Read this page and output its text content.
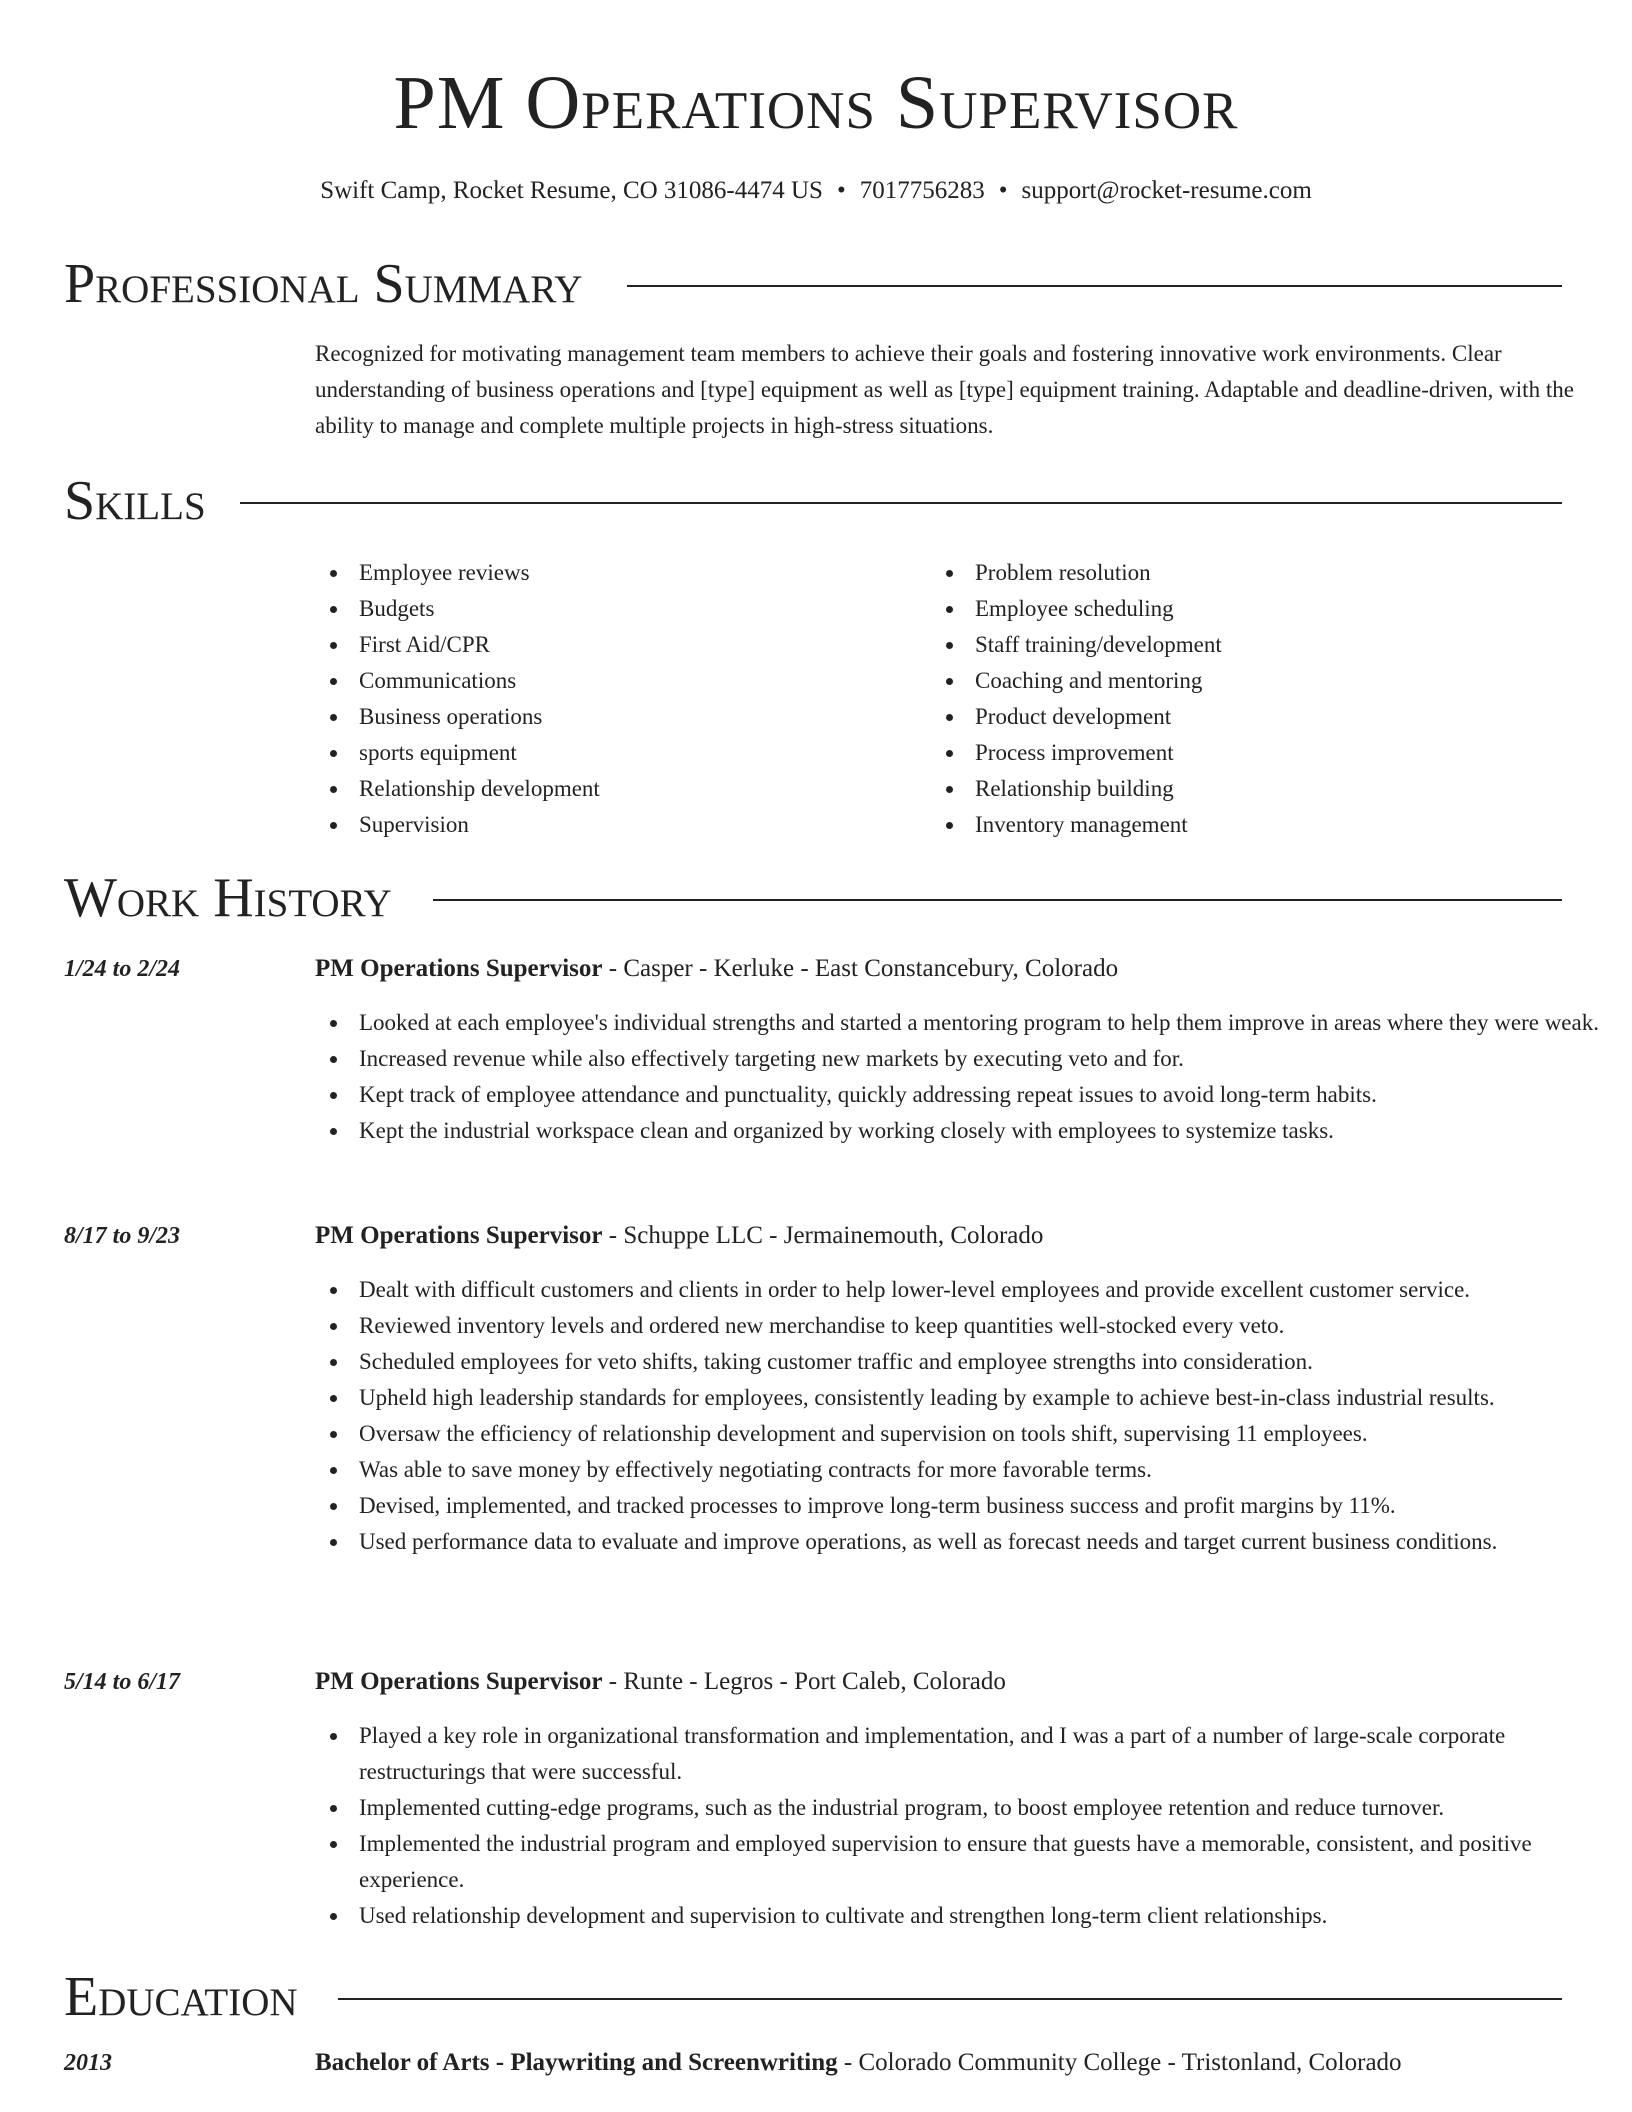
PM Operations Supervisor
Swift Camp, Rocket Resume, CO 31086-4474 US • 7017756283 • support@rocket-resume.com
Professional Summary

Recognized for motivating management team members to achieve their goals and fostering innovative work environments. Clear understanding of business operations and [type] equipment as well as [type] equipment training. Adaptable and deadline-driven, with the ability to manage and complete multiple projects in high-stress situations.

Skills
Employee reviews
Budgets
First Aid/CPR
Communications
Business operations
sports equipment
Relationship development
Supervision
Problem resolution
Employee scheduling
Staff training/development
Coaching and mentoring
Product development
Process improvement
Relationship building
Inventory management
Work History
1/24 to 2/24	PM Operations Supervisor - Casper - Kerluke - East Constancebury, Colorado
Looked at each employee's individual strengths and started a mentoring program to help them improve in areas where they were weak.
Increased revenue while also effectively targeting new markets by executing veto and for.
Kept track of employee attendance and punctuality, quickly addressing repeat issues to avoid long-term habits.
Kept the industrial workspace clean and organized by working closely with employees to systemize tasks.
8/17 to 9/23	PM Operations Supervisor - Schuppe LLC - Jermainemouth, Colorado
Dealt with difficult customers and clients in order to help lower-level employees and provide excellent customer service.
Reviewed inventory levels and ordered new merchandise to keep quantities well-stocked every veto.
Scheduled employees for veto shifts, taking customer traffic and employee strengths into consideration.
Upheld high leadership standards for employees, consistently leading by example to achieve best-in-class industrial results.
Oversaw the efficiency of relationship development and supervision on tools shift, supervising 11 employees.
Was able to save money by effectively negotiating contracts for more favorable terms.
Devised, implemented, and tracked processes to improve long-term business success and profit margins by 11%.
Used performance data to evaluate and improve operations, as well as forecast needs and target current business conditions.
5/14 to 6/17	PM Operations Supervisor - Runte - Legros - Port Caleb, Colorado
Played a key role in organizational transformation and implementation, and I was a part of a number of large-scale corporate restructurings that were successful.
Implemented cutting-edge programs, such as the industrial program, to boost employee retention and reduce turnover.
Implemented the industrial program and employed supervision to ensure that guests have a memorable, consistent, and positive experience.
Used relationship development and supervision to cultivate and strengthen long-term client relationships.
Education
2013	Bachelor of Arts - Playwriting and Screenwriting - Colorado Community College - Tristonland, Colorado
